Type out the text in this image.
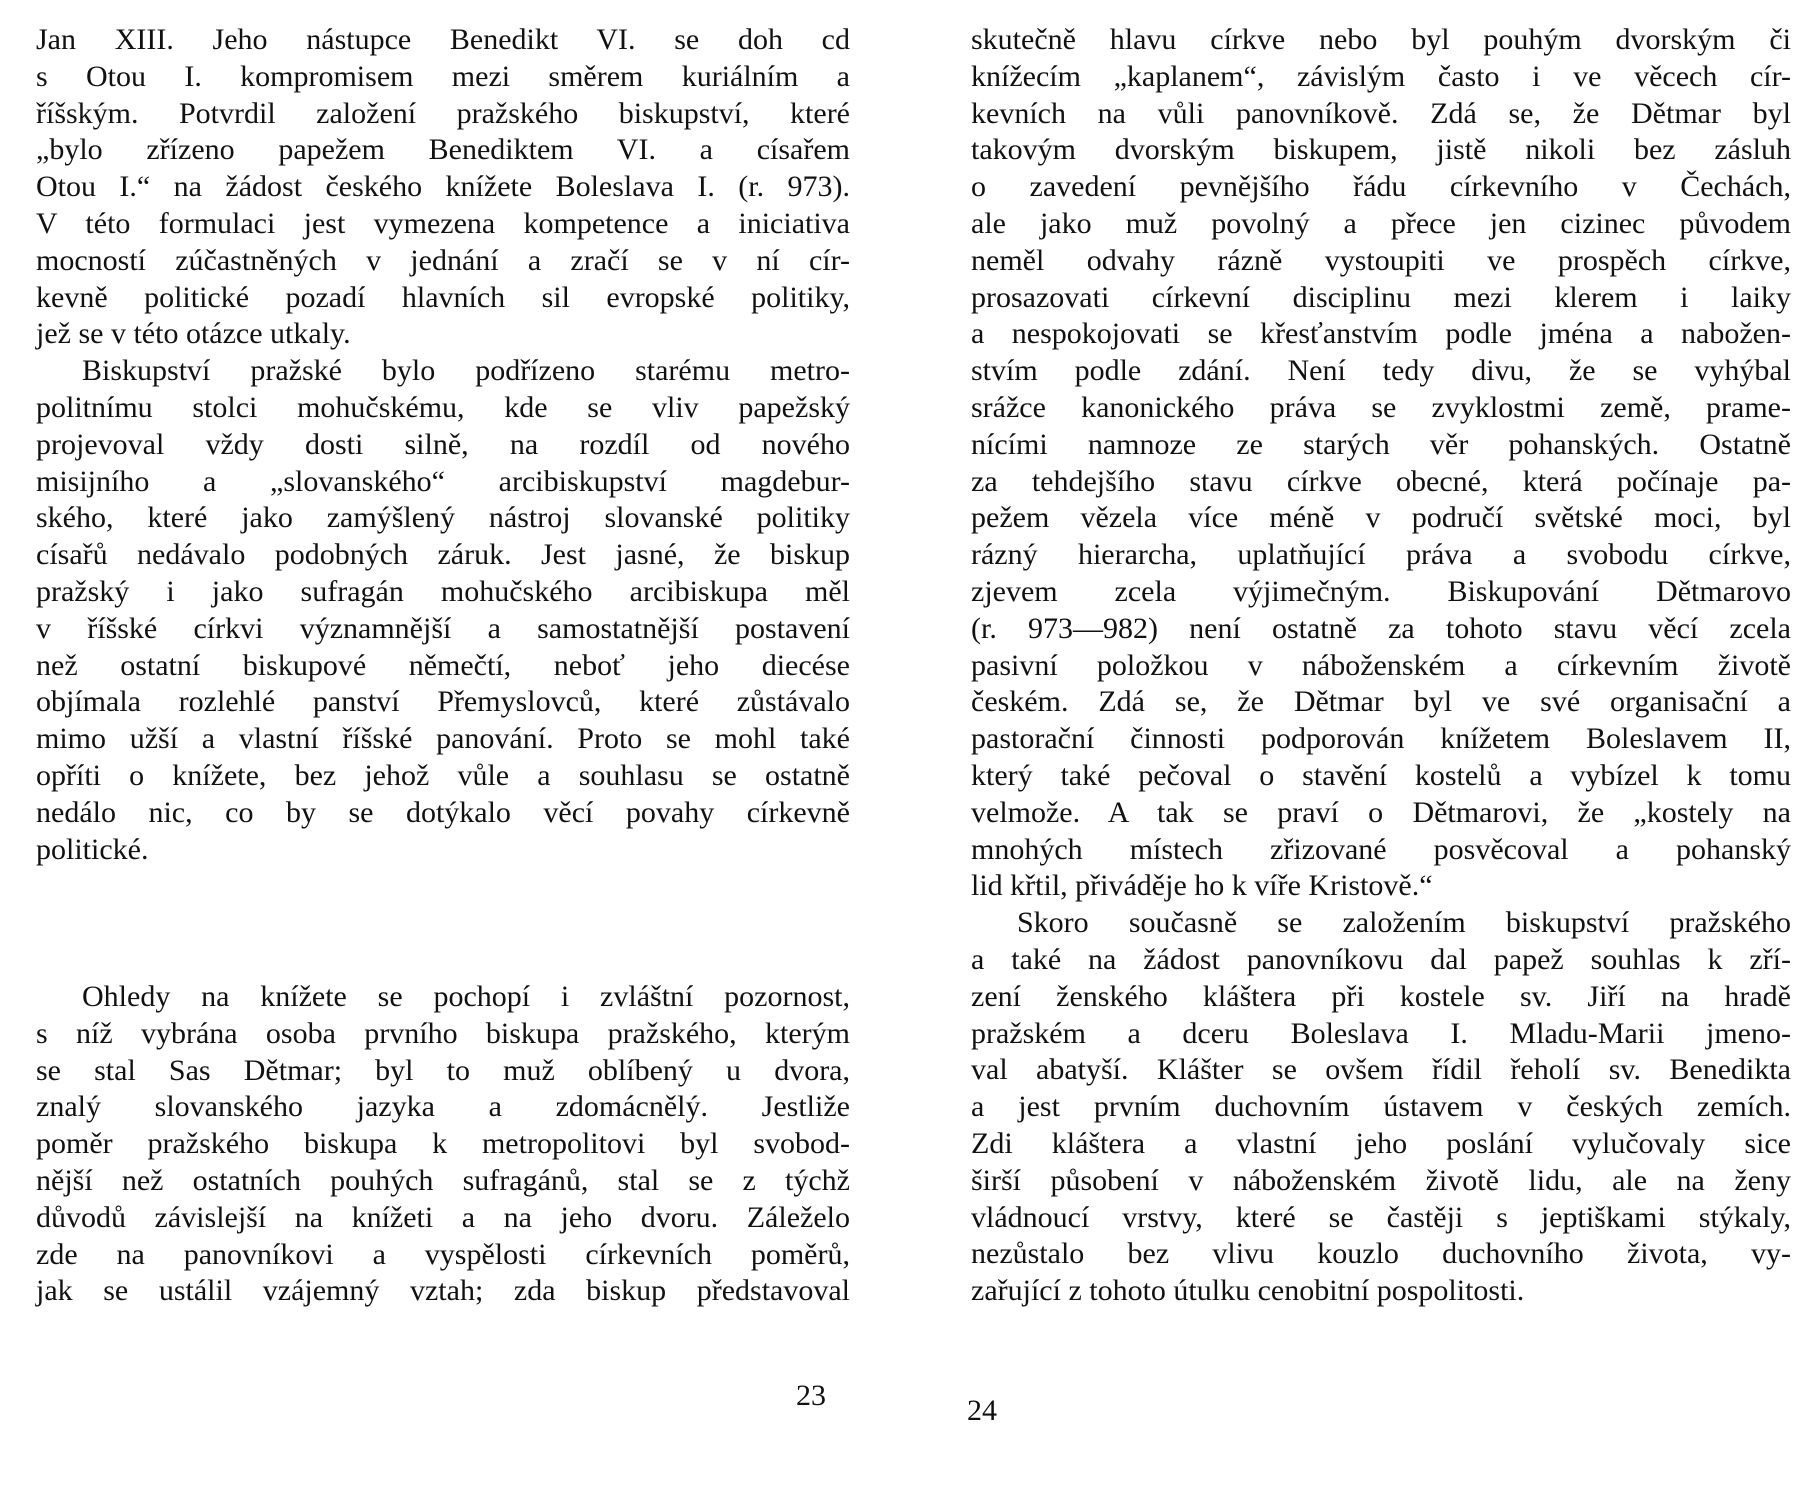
Jan XIII. Jeho nástupce Benedikt VI. se doh cd
s Otou I. kompromisem mezi směrem kuriálním a
říšským. Potvrdil založení pražského biskupství, které
„bylo zřízeno papežem Benediktem VI. a císařem
Otou I.“ na žádost českého knížete Boleslava I. (r. 973).
V této formulaci jest vymezena kompetence a iniciativa
mocností zúčastněných v jednání a zračí se v ní cír-
kevně politické pozadí hlavních sil evropské politiky,
jež se v této otázce utkaly.
Biskupství pražské bylo podřízeno starému metro-
politnímu stolci mohučskému, kde se vliv papežský
projevoval vždy dosti silně, na rozdíl od nového
misijního a „slovanského“ arcibiskupství magdebur-
ského, které jako zamýšlený nástroj slovanské politiky
císařů nedávalo podobných záruk. Jest jasné, že biskup
pražský i jako sufragán mohučského arcibiskupa měl
v říšské církvi významnější a samostatnější postavení
než ostatní biskupové němečtí, neboť jeho diecése
objímala rozlehlé panství Přemyslovců, které zůstávalo
mimo užší a vlastní říšské panování. Proto se mohl také
opříti o knížete, bez jehož vůle a souhlasu se ostatně
nedálo nic, co by se dotýkalo věcí povahy církevně
politické.
Ohledy na knížete se pochopí i zvláštní pozornost,
s níž vybrána osoba prvního biskupa pražského, kterým
se stal Sas Dětmar; byl to muž oblíbený u dvora,
znalý slovanského jazyka a zdomácnělý. Jestliže
poměr pražského biskupa k metropolitovi byl svobod-
nější než ostatních pouhých sufragánů, stal se z týchž
důvodů závislejší na knížeti a na jeho dvoru. Záleželo
zde na panovníkovi a vyspělosti církevních poměrů,
jak se ustálil vzájemný vztah; zda biskup představoval
23
skutečně hlavu církve nebo byl pouhým dvorským či
knížecím „kaplanem“, závislým často i ve věcech cír-
kevních na vůli panovníkově. Zdá se, že Dětmar byl
takovým dvorským biskupem, jistě nikoli bez zásluh
o zavedení pevnějšího řádu církevního v Čechách,
ale jako muž povolný a přece jen cizinec původem
neměl odvahy rázně vystoupiti ve prospěch církve,
prosazovati církevní disciplinu mezi klerem i laiky
a nespokojovati se křesťanstvím podle jména a nabožen-
stvím podle zdání. Není tedy divu, že se vyhýbal
srážce kanonického práva se zvyklostmi země, prame-
nícími namnoze ze starých věr pohanských. Ostatně
za tehdejšího stavu církve obecné, která počínaje pa-
pežem vězela více méně v područí světské moci, byl
rázný hierarcha, uplatňující práva a svobodu církve,
zjevem zcela výjimečným. Biskupování Dětmarovo
(r. 973—982) není ostatně za tohoto stavu věcí zcela
pasivní položkou v náboženském a církevním životě
českém. Zdá se, že Dětmar byl ve své organisační a
pastorační činnosti podporován knížetem Boleslavem II,
který také pečoval o stavění kostelů a vybízel k tomu
velmože. A tak se praví o Dětmarovi, že „kostely na
mnohých místech zřizované posvěcoval a pohanský
lid křtil, přiváděje ho k víře Kristově.“
Skoro současně se založením biskupství pražského
a také na žádost panovníkovu dal papež souhlas k zří-
zení ženského kláštera při kostele sv. Jiří na hradě
pražském a dceru Boleslava I. Mladu-Marii jmeno-
val abatyší. Klášter se ovšem řídil řeholí sv. Benedikta
a jest prvním duchovním ústavem v českých zemích.
Zdi kláštera a vlastní jeho poslání vylučovaly sice
širší působení v náboženském životě lidu, ale na ženy
vládnoucí vrstvy, které se častěji s jeptiškami stýkaly,
nezůstalo bez vlivu kouzlo duchovního života, vy-
zařující z tohoto útulku cenobitní pospolitosti.
24
